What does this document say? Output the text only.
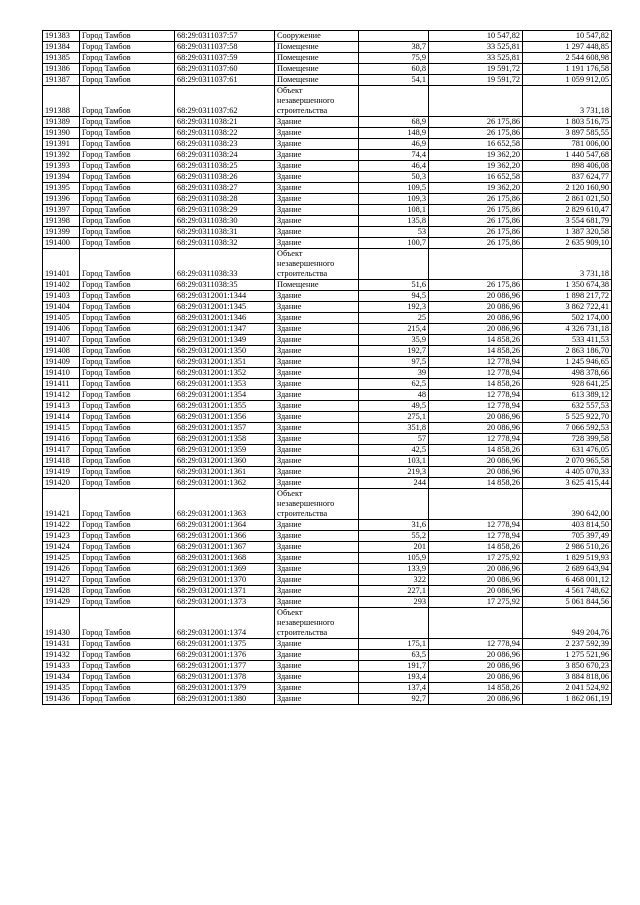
191383	Город Тамбов	68:29:0311037:57	Сооружение		10 547,82	10 547,82
191384	Город Тамбов	68:29:0311037:58	Помещение	38,7	33 525,81	1 297 448,85
191385	Город Тамбов	68:29:0311037:59	Помещение	75,9	33 525,81	2 544 608,98
191386	Город Тамбов	68:29:0311037:60	Помещение	60,8	19 591,72	1 191 176,58
191387	Город Тамбов	68:29:0311037:61	Помещение	54,1	19 591,72	1 059 912,05
191388	Город Тамбов	68:29:0311037:62	Объект незавершенного строительства			3 731,18
191389	Город Тамбов	68:29:0311038:21	Здание	68,9	26 175,86	1 803 516,75
191390	Город Тамбов	68:29:0311038:22	Здание	148,9	26 175,86	3 897 585,55
191391	Город Тамбов	68:29:0311038:23	Здание	46,9	16 652,58	781 006,00
191392	Город Тамбов	68:29:0311038:24	Здание	74,4	19 362,20	1 440 547,68
191393	Город Тамбов	68:29:0311038:25	Здание	46,4	19 362,20	898 406,08
191394	Город Тамбов	68:29:0311038:26	Здание	50,3	16 652,58	837 624,77
191395	Город Тамбов	68:29:0311038:27	Здание	109,5	19 362,20	2 120 160,90
191396	Город Тамбов	68:29:0311038:28	Здание	109,3	26 175,86	2 861 021,50
191397	Город Тамбов	68:29:0311038:29	Здание	108,1	26 175,86	2 829 610,47
191398	Город Тамбов	68:29:0311038:30	Здание	135,8	26 175,86	3 554 681,79
191399	Город Тамбов	68:29:0311038:31	Здание	53	26 175,86	1 387 320,58
191400	Город Тамбов	68:29:0311038:32	Здание	100,7	26 175,86	2 635 909,10
191401	Город Тамбов	68:29:0311038:33	Объект незавершенного строительства			3 731,18
191402	Город Тамбов	68:29:0311038:35	Помещение	51,6	26 175,86	1 350 674,38
191403	Город Тамбов	68:29:0312001:1344	Здание	94,5	20 086,96	1 898 217,72
191404	Город Тамбов	68:29:0312001:1345	Здание	192,3	20 086,96	3 862 722,41
191405	Город Тамбов	68:29:0312001:1346	Здание	25	20 086,96	502 174,00
191406	Город Тамбов	68:29:0312001:1347	Здание	215,4	20 086,96	4 326 731,18
191407	Город Тамбов	68:29:0312001:1349	Здание	35,9	14 858,26	533 411,53
191408	Город Тамбов	68:29:0312001:1350	Здание	192,7	14 858,26	2 863 186,70
191409	Город Тамбов	68:29:0312001:1351	Здание	97,5	12 778,94	1 245 946,65
191410	Город Тамбов	68:29:0312001:1352	Здание	39	12 778,94	498 378,66
191411	Город Тамбов	68:29:0312001:1353	Здание	62,5	14 858,26	928 641,25
191412	Город Тамбов	68:29:0312001:1354	Здание	48	12 778,94	613 389,12
191413	Город Тамбов	68:29:0312001:1355	Здание	49,5	12 778,94	632 557,53
191414	Город Тамбов	68:29:0312001:1356	Здание	275,1	20 086,96	5 525 922,70
191415	Город Тамбов	68:29:0312001:1357	Здание	351,8	20 086,96	7 066 592,53
191416	Город Тамбов	68:29:0312001:1358	Здание	57	12 778,94	728 399,58
191417	Город Тамбов	68:29:0312001:1359	Здание	42,5	14 858,26	631 476,05
191418	Город Тамбов	68:29:0312001:1360	Здание	103,1	20 086,96	2 070 965,58
191419	Город Тамбов	68:29:0312001:1361	Здание	219,3	20 086,96	4 405 070,33
191420	Город Тамбов	68:29:0312001:1362	Здание	244	14 858,26	3 625 415,44
191421	Город Тамбов	68:29:0312001:1363	Объект незавершенного строительства			390 642,00
191422	Город Тамбов	68:29:0312001:1364	Здание	31,6	12 778,94	403 814,50
191423	Город Тамбов	68:29:0312001:1366	Здание	55,2	12 778,94	705 397,49
191424	Город Тамбов	68:29:0312001:1367	Здание	201	14 858,26	2 986 510,26
191425	Город Тамбов	68:29:0312001:1368	Здание	105,9	17 275,92	1 829 519,93
191426	Город Тамбов	68:29:0312001:1369	Здание	133,9	20 086,96	2 689 643,94
191427	Город Тамбов	68:29:0312001:1370	Здание	322	20 086,96	6 468 001,12
191428	Город Тамбов	68:29:0312001:1371	Здание	227,1	20 086,96	4 561 748,62
191429	Город Тамбов	68:29:0312001:1373	Здание	293	17 275,92	5 061 844,56
191430	Город Тамбов	68:29:0312001:1374	Объект незавершенного строительства			949 204,76
191431	Город Тамбов	68:29:0312001:1375	Здание	175,1	12 778,94	2 237 592,39
191432	Город Тамбов	68:29:0312001:1376	Здание	63,5	20 086,96	1 275 521,96
191433	Город Тамбов	68:29:0312001:1377	Здание	191,7	20 086,96	3 850 670,23
191434	Город Тамбов	68:29:0312001:1378	Здание	193,4	20 086,96	3 884 818,06
191435	Город Тамбов	68:29:0312001:1379	Здание	137,4	14 858,26	2 041 524,92
191436	Город Тамбов	68:29:0312001:1380	Здание	92,7	20 086,96	1 862 061,19
